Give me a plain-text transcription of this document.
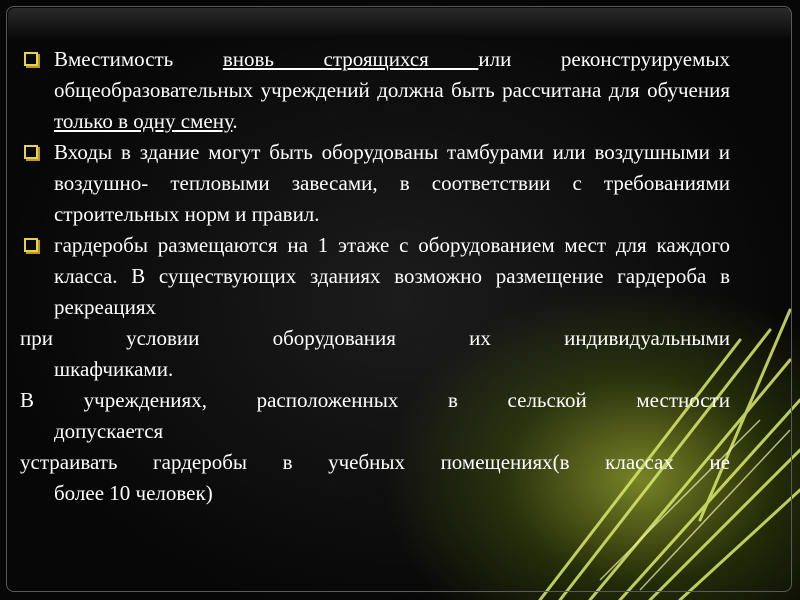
Вместимость вновь строящихся или реконструируемых общеобразовательных учреждений должна быть рассчитана для обучения только в одну смену.
Входы в здание могут быть оборудованы тамбурами или воздушными и воздушно- тепловыми завесами, в соответствии с требованиями строительных норм и правил.
гардеробы размещаются на 1 этаже с оборудованием мест для каждого класса. В существующих зданиях возможно размещение гардероба в рекреациях
при условии оборудования их индивидуальными
шкафчиками.
В учреждениях, расположенных в сельской местности
допускается
устраивать гардеробы в учебных помещениях(в классах не
более 10 человек)
